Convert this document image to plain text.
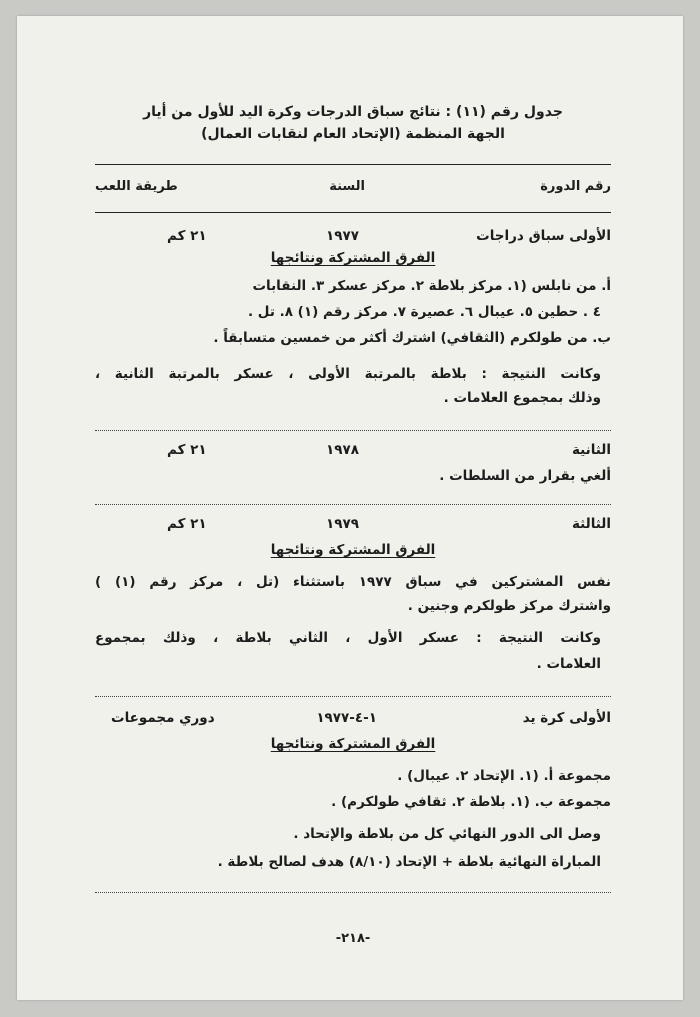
جدول رقم (١١) : نتائج سباق الدرجات وكرة اليد للأول من أيار
الجهة المنظمة (الإتحاد العام لنقابات العمال)
رقم الدورة
السنة
طريقة اللعب
الأولى سباق دراجات
١٩٧٧
٢١ كم
الفرق المشتركة ونتائجها
أ. من نابلس (١. مركز بلاطة ٢. مركز عسكر ٣. النقابات
٤ . حطين ٥. عيبال ٦. عصيرة ٧. مركز رقم (١) ٨. تل .
ب. من طولكرم (الثقافي) اشترك أكثر من خمسين متسابقاً .
وكانت النتيجة : بلاطة بالمرتبة الأولى ، عسكر بالمرتبة الثانية ،
وذلك بمجموع العلامات .
الثانية
١٩٧٨
٢١ كم
ألغي بقرار من السلطات .
الثالثة
١٩٧٩
٢١ كم
الفرق المشتركة ونتائجها
نفس المشتركين في سباق ١٩٧٧ باستثناء (تل ، مركز رقم (١) )
واشترك مركز طولكرم وجنين .
وكانت النتيجة : عسكر الأول ، الثاني بلاطة ، وذلك بمجموع
العلامات .
الأولى كرة يد
١-٤-١٩٧٧
دوري مجموعات
الفرق المشتركة ونتائجها
مجموعة أ. (١. الإتحاد ٢. عيبال) .
مجموعة ب. (١. بلاطة ٢. ثقافي طولكرم) .
وصل الى الدور النهائي كل من بلاطة والإتحاد .
المباراة النهائية بلاطة + الإتحاد (٨/١٠) هدف لصالح بلاطة .
-٢١٨-
